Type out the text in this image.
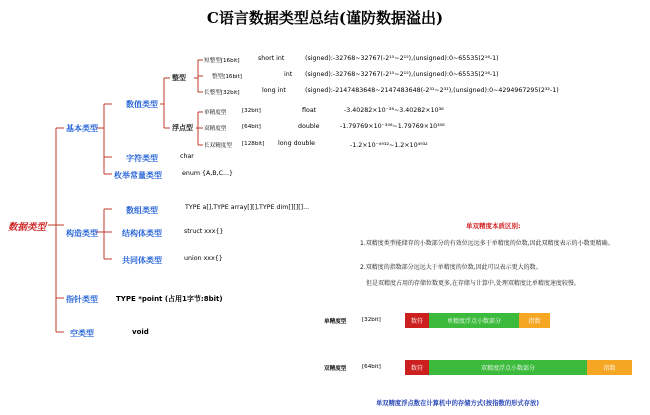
C语言数据类型总结(谨防数据溢出)
数据类型
基本类型
数值类型
整型
浮点型
短整型[16bit]	short int	(signed):-32768~32767(-2¹⁵~2¹⁵),(unsigned):0~65535(2¹⁶-1)
整型[16bit]	int (signed):-32768~32767(-2¹⁵~2¹⁵),(unsigned):0~65535(2¹⁶-1)
长整型[32bit]	long int	(signed):-2147483648~2147483648(-2³¹~2³¹),(unsigned):0~4294967295(2³²-1)
单精度型	[32bit]	float	-3.40282×10⁻³⁸~3.40282×10³⁸
双精度型	[64bit]	double	-1.79769×10⁻³⁰⁸~1.79769×10³⁰⁸
长双精度型 [128bit] long double	-1.2×10⁻⁴⁹³²~1.2×10⁴⁹³²
字符类型	char
枚举常量类型	enum {A,B,C...}
构造类型
数组类型	TYPE a[],TYPE array[][],TYPE dim[][][]...
结构体类型	struct xxx{}
共同体类型	union xxx{}
指针类型	TYPE *point (占用1字节:8bit)
空类型	void
单双精度本质区别:
1.双精度类型能储存的小数部分的有效位远远多于单精度的位数,因此双精度表示的小数更精确。
2.双精度的指数部分远远大于单精度的位数,因此可以表示更大的数。
但是双精度占用的存储位数更多,在存储与计算中,处理双精度比单精度速度较慢。
单精度型	[32bit]	数符	单精度浮点小数部分	指数
双精度型	[64bit]	数符	双精度浮点小数部分	指数
单双精度浮点数在计算机中的存储方式(按指数的形式存放)
